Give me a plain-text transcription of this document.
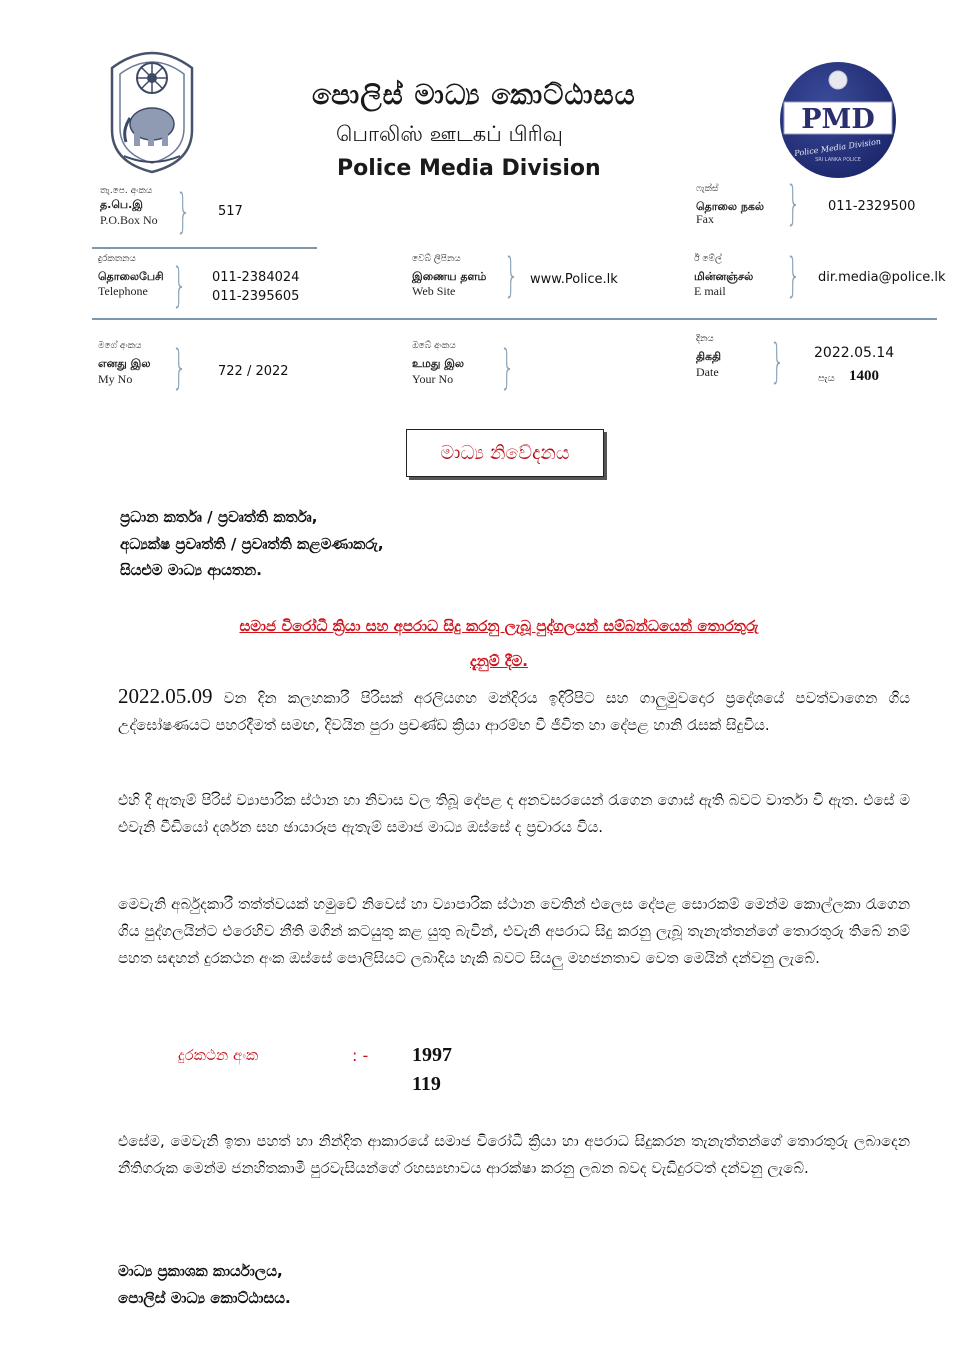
පොලිස් මාධ්‍ය කොට්ඨාසය
பொலிஸ் ஊடகப் பிரிவு
Police Media Division
PMD
Police Media Division
SRI LANKA POLICE
තැ.පෙ. අංකය
த.பெ.இ
P.O.Box No } 517
ෆැක්ස්
தொலை நகல்
Fax	} 011-2329500
දුරකතනය
தொலைபேசி
Telephone } 011-2384024
011-2395605
වෙබ් ලිපිනය
இணைய தளம்
Web Site	} www.Police.lk
ඊ මේල්
மின்னஞ்சல்
E mail	} dir.media@police.lk
මගේ අංකය
எனது இல
My No } 722 / 2022
ඔබේ අංකය
உமது இல
Your No }
දිනය
திகதி
Date } 2022.05.14
පැය 1400
මාධ්‍ය නිවේදනය
ප්‍රධාන කර්තෘ / ප්‍රවෘත්ති කර්තෘ,
අධ්‍යක්ෂ ප්‍රවෘත්ති / ප්‍රවෘත්ති කළමණාකරු,
සියළුම මාධ්‍ය ආයතන.
සමාජ විරෝධී ක්‍රියා සහ අපරාධ සිදු කරනු ලැබූ පුද්ගලයන් සම්බන්ධයෙන් තොරතුරු
දැනුම් දීම.
2022.05.09 වන දින කලහකාරී පිරිසක් අරලියගහ මන්දිරය ඉදිරිපිට සහ ගාලුමුවදොර ප්‍රදේශයේ පවත්වාගෙන ගිය උද්ඝෝෂණයට පහරදීමත් සමඟ, දිවයින පුරා ප්‍රචණ්ඩ ක්‍රියා ආරම්භ වී ජීවිත හා දේපළ හානි රැසක් සිදුවිය.
එහි දී ඇතැම් පිරිස් ව්‍යාපාරික ස්ථාන හා නිවාස වල තිබූ දේපළ ද අනවසරයෙන් රැගෙන ගොස් ඇති බවට වාර්තා වී ඇත. එසේ ම එවැනි වීඩියෝ දර්ශන සහ ඡායාරූප ඇතැම් සමාජ මාධ්‍ය ඔස්සේ ද ප්‍රචාරය විය.
මෙවැනි අර්බුදකාරී තත්ත්වයක් හමුවේ නිවෙස් හා ව්‍යාපාරික ස්ථාන වෙතින් එලෙස දේපළ සොරකම් මෙන්ම කොල්ලකා රැගෙන ගිය පුද්ගලයින්ට එරෙහිව නීති මගින් කටයුතු කළ යුතු බැවින්, එවැනි අපරාධ සිදු කරනු ලැබූ තැනැත්තන්ගේ තොරතුරු තිබේ නම් පහත සඳහන් දුරකථන අංක ඔස්සේ පොලිසියට ලබාදිය හැකි බවට සියලු මහජනතාව වෙත මෙයින් දන්වනු ලැබේ.
දුරකථන අංක	: - 1997
119
එසේම, මෙවැනි ඉතා පහත් හා නින්දිත ආකාරයේ සමාජ විරෝධී ක්‍රියා හා අපරාධ සිදුකරන තැනැත්තන්ගේ තොරතුරු ලබාදෙන නීතිගරුක මෙන්ම ජනහිතකාමී පුරවැසියන්ගේ රහස්‍යභාවය ආරක්ෂා කරනු ලබන බවද වැඩිදුරටත් දන්වනු ලැබේ.
මාධ්‍ය ප්‍රකාශක කාර්යාලය,
පොලිස් මාධ්‍ය කොට්ඨාසය.
